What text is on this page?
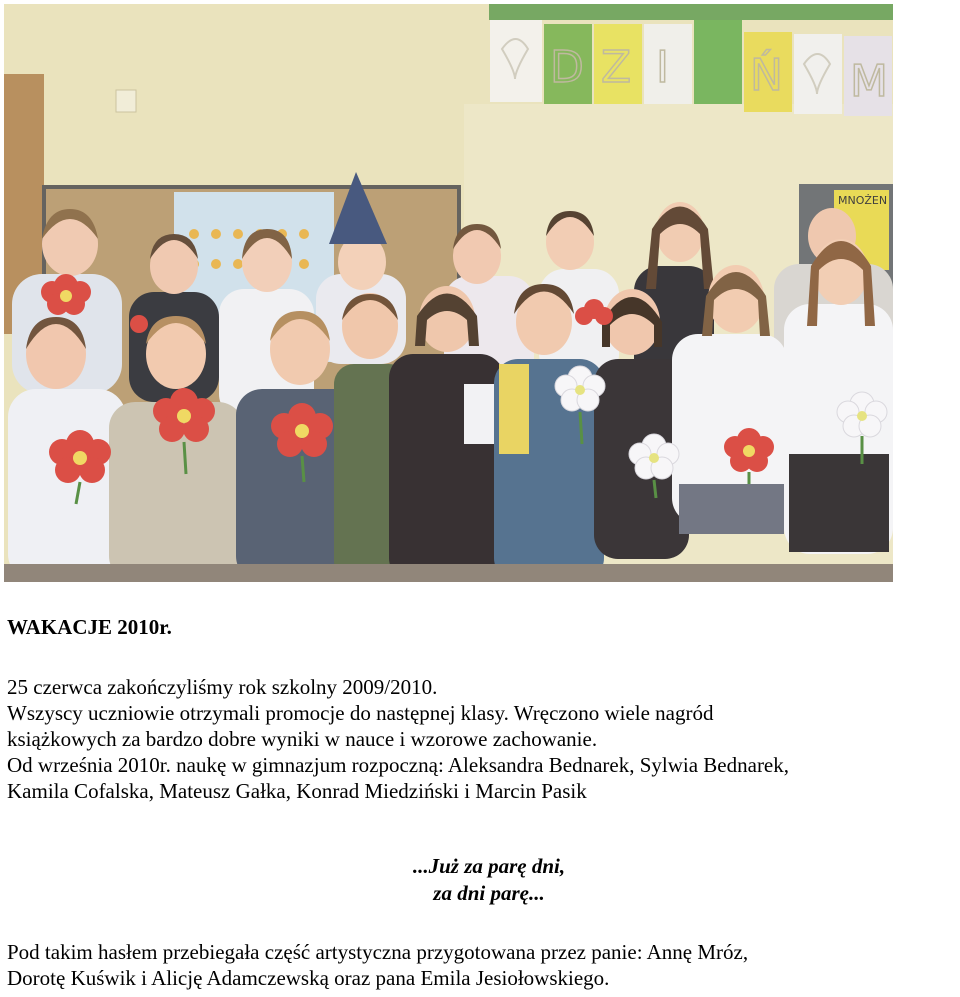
MNOŻEN
D Z I Ń M
WAKACJE 2010r.
25 czerwca zakończyliśmy rok szkolny 2009/2010.
Wszyscy uczniowie otrzymali promocje do następnej klasy. Wręczono wiele nagród
książkowych za bardzo dobre wyniki w nauce i wzorowe zachowanie.
Od września 2010r. naukę w gimnazjum rozpoczną: Aleksandra Bednarek, Sylwia Bednarek,
Kamila Cofalska, Mateusz Gałka, Konrad Miedziński i Marcin Pasik
...Już za parę dni,
za dni parę...
Pod takim hasłem przebiegała część artystyczna przygotowana przez panie: Annę Mróz,
Dorotę Kuświk i Alicję Adamczewską oraz pana Emila Jesiołowskiego.
